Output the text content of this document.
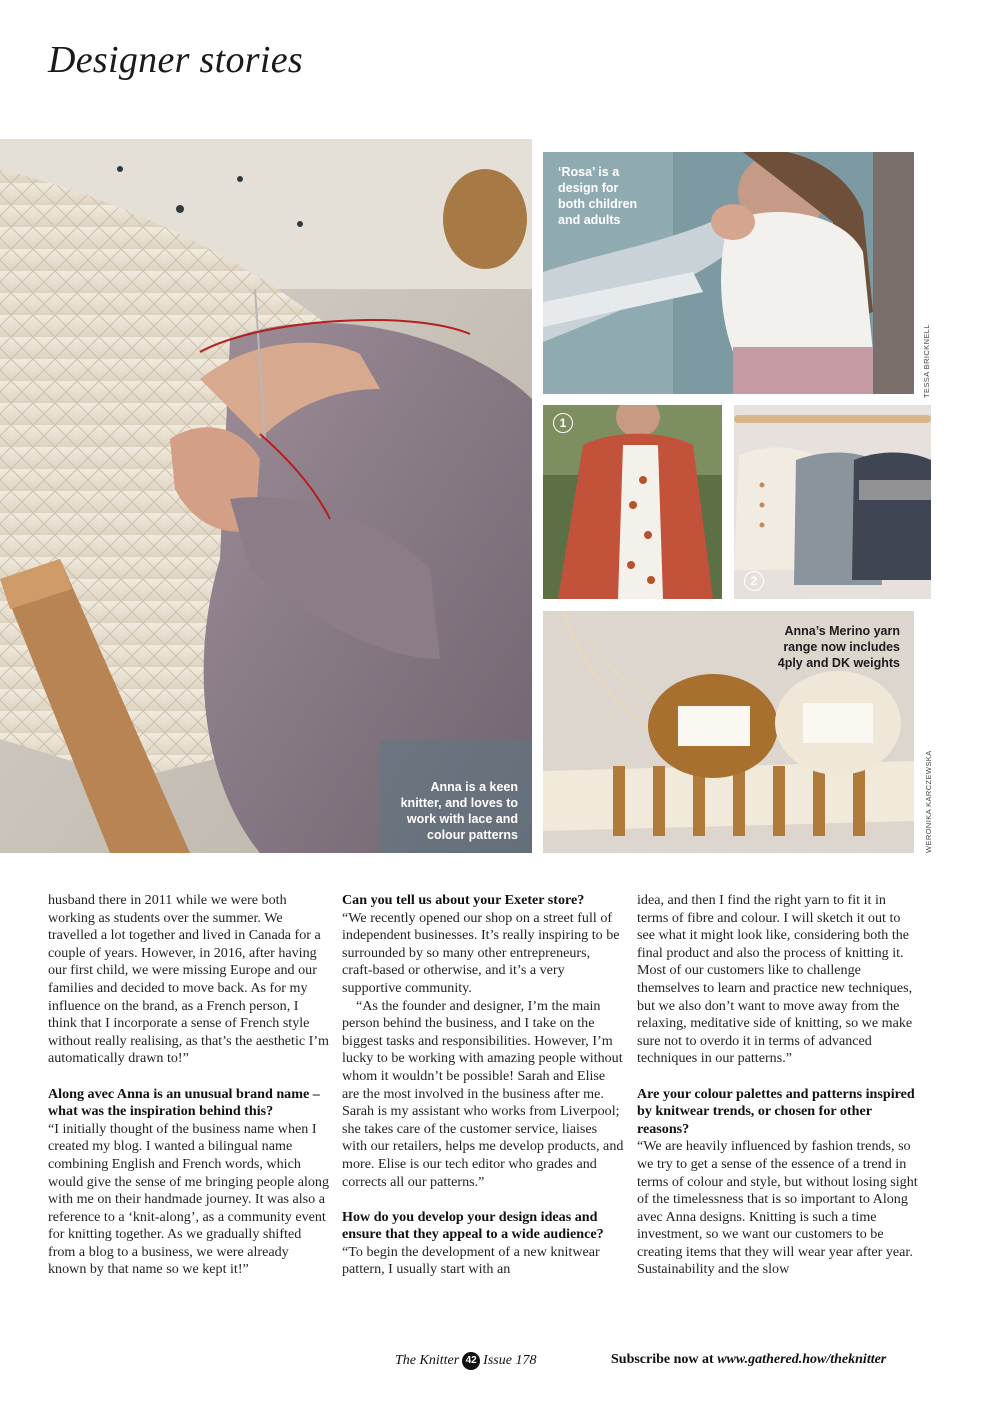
Designer stories
Anna is a keen
knitter, and loves to
work with lace and
colour patterns
‘Rosa’ is a
design for
both children
and adults
TESSA BRICKNELL
1
2
Anna’s Merino yarn
range now includes
4ply and DK weights
WERONIKA KARCZEWSKA

husband there in 2011 while we were both working as students over the summer. We travelled a lot together and lived in Canada for a couple of years. However, in 2016, after having our first child, we were missing Europe and our families and decided to move back. As for my influence on the brand, as a French person, I think that I incorporate a sense of French style without really realising, as that’s the aesthetic I’m automatically drawn to!”

Along avec Anna is an unusual brand name – what was the inspiration behind this?

“I initially thought of the business name when I created my blog. I wanted a bilingual name combining English and French words, which would give the sense of me bringing people along with me on their handmade journey. It was also a reference to a ‘knit-along’, as a community event for knitting together. As we gradually shifted from a blog to a business, we were already known by that name so we kept it!”

Can you tell us about your Exeter store?

“We recently opened our shop on a street full of independent businesses. It’s really inspiring to be surrounded by so many other entrepreneurs, craft-based or otherwise, and it’s a very supportive community.

“As the founder and designer, I’m the main person behind the business, and I take on the biggest tasks and responsibilities. However, I’m lucky to be working with amazing people without whom it wouldn’t be possible! Sarah and Elise are the most involved in the business after me. Sarah is my assistant who works from Liverpool; she takes care of the customer service, liaises with our retailers, helps me develop products, and more. Elise is our tech editor who grades and corrects all our patterns.”

How do you develop your design ideas and ensure that they appeal to a wide audience?

“To begin the development of a new knitwear pattern, I usually start with an

idea, and then I find the right yarn to fit it in terms of fibre and colour. I will sketch it out to see what it might look like, considering both the final product and also the process of knitting it. Most of our customers like to challenge themselves to learn and practice new techniques, but we also don’t want to move away from the relaxing, meditative side of knitting, so we make sure not to overdo it in terms of advanced techniques in our patterns.”

Are your colour palettes and patterns inspired by knitwear trends, or chosen for other reasons?

“We are heavily influenced by fashion trends, so we try to get a sense of the essence of a trend in terms of colour and style, but without losing sight of the timelessness that is so important to Along avec Anna designs. Knitting is such a time investment, so we want our customers to be creating items that they will wear year after year. Sustainability and the slow

The Knitter 42 Issue 178	Subscribe now at www.gathered.how/theknitter
